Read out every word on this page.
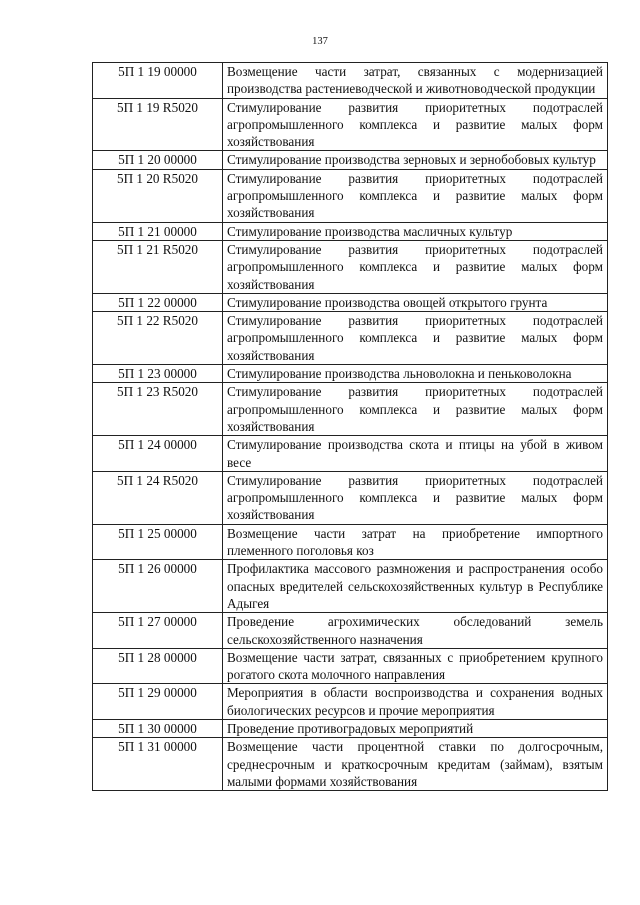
137
5П 1 19 00000	Возмещение части затрат, связанных с модернизацией производства растениеводческой и животноводческой продукции
5П 1 19 R5020	Стимулирование развития приоритетных подотраслей агропромышленного комплекса и развитие малых форм хозяйствования
5П 1 20 00000	Стимулирование производства зерновых и зернобобовых культур
5П 1 20 R5020	Стимулирование развития приоритетных подотраслей агропромышленного комплекса и развитие малых форм хозяйствования
5П 1 21 00000	Стимулирование производства масличных культур
5П 1 21 R5020	Стимулирование развития приоритетных подотраслей агропромышленного комплекса и развитие малых форм хозяйствования
5П 1 22 00000	Стимулирование производства овощей открытого грунта
5П 1 22 R5020	Стимулирование развития приоритетных подотраслей агропромышленного комплекса и развитие малых форм хозяйствования
5П 1 23 00000	Стимулирование производства льноволокна и пеньковолокна
5П 1 23 R5020	Стимулирование развития приоритетных подотраслей агропромышленного комплекса и развитие малых форм хозяйствования
5П 1 24 00000	Стимулирование производства скота и птицы на убой в живом весе
5П 1 24 R5020	Стимулирование развития приоритетных подотраслей агропромышленного комплекса и развитие малых форм хозяйствования
5П 1 25 00000	Возмещение части затрат на приобретение импортного племенного поголовья коз
5П 1 26 00000	Профилактика массового размножения и распространения особо опасных вредителей сельскохозяйственных культур в Республике Адыгея
5П 1 27 00000	Проведение агрохимических обследований земель сельскохозяйственного назначения
5П 1 28 00000	Возмещение части затрат, связанных с приобретением крупного рогатого скота молочного направления
5П 1 29 00000	Мероприятия в области воспроизводства и сохранения водных биологических ресурсов и прочие мероприятия
5П 1 30 00000	Проведение противоградовых мероприятий
5П 1 31 00000	Возмещение части процентной ставки по долгосрочным, среднесрочным и краткосрочным кредитам (займам), взятым малыми формами хозяйствования
